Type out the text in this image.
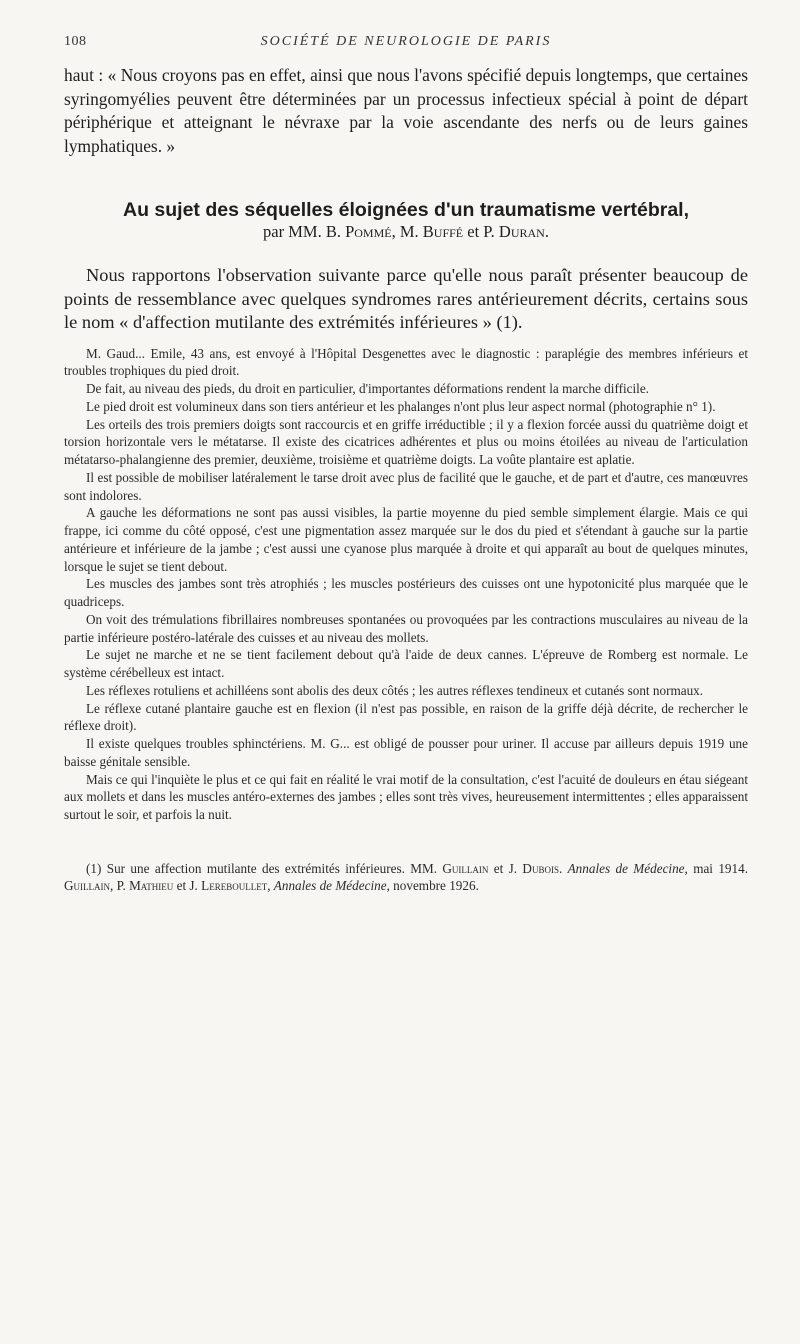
108	SOCIÉTÉ DE NEUROLOGIE DE PARIS

haut : « Nous croyons pas en effet, ainsi que nous l'avons spécifié depuis longtemps, que certaines syringomyélies peuvent être déterminées par un processus infectieux spécial à point de départ périphérique et atteignant le névraxe par la voie ascendante des nerfs ou de leurs gaines lymphatiques. »

Au sujet des séquelles éloignées d'un traumatisme vertébral,

par MM. B. Pommé, M. Buffé et P. Duran.

Nous rapportons l'observation suivante parce qu'elle nous paraît présenter beaucoup de points de ressemblance avec quelques syndromes rares antérieurement décrits, certains sous le nom « d'affection mutilante des extrémités inférieures » (1).

M. Gaud... Emile, 43 ans, est envoyé à l'Hôpital Desgenettes avec le diagnostic : paraplégie des membres inférieurs et troubles trophiques du pied droit.

De fait, au niveau des pieds, du droit en particulier, d'importantes déformations rendent la marche difficile.

Le pied droit est volumineux dans son tiers antérieur et les phalanges n'ont plus leur aspect normal (photographie n° 1).

Les orteils des trois premiers doigts sont raccourcis et en griffe irréductible ; il y a flexion forcée aussi du quatrième doigt et torsion horizontale vers le métatarse. Il existe des cicatrices adhérentes et plus ou moins étoilées au niveau de l'articulation métatarso-phalangienne des premier, deuxième, troisième et quatrième doigts. La voûte plantaire est aplatie.

Il est possible de mobiliser latéralement le tarse droit avec plus de facilité que le gauche, et de part et d'autre, ces manœuvres sont indolores.

A gauche les déformations ne sont pas aussi visibles, la partie moyenne du pied semble simplement élargie. Mais ce qui frappe, ici comme du côté opposé, c'est une pigmentation assez marquée sur le dos du pied et s'étendant à gauche sur la partie antérieure et inférieure de la jambe ; c'est aussi une cyanose plus marquée à droite et qui apparaît au bout de quelques minutes, lorsque le sujet se tient debout.

Les muscles des jambes sont très atrophiés ; les muscles postérieurs des cuisses ont une hypotonicité plus marquée que le quadriceps.

On voit des trémulations fibrillaires nombreuses spontanées ou provoquées par les contractions musculaires au niveau de la partie inférieure postéro-latérale des cuisses et au niveau des mollets.

Le sujet ne marche et ne se tient facilement debout qu'à l'aide de deux cannes. L'épreuve de Romberg est normale. Le système cérébelleux est intact.

Les réflexes rotuliens et achilléens sont abolis des deux côtés ; les autres réflexes tendineux et cutanés sont normaux.

Le réflexe cutané plantaire gauche est en flexion (il n'est pas possible, en raison de la griffe déjà décrite, de rechercher le réflexe droit).

Il existe quelques troubles sphinctériens. M. G... est obligé de pousser pour uriner. Il accuse par ailleurs depuis 1919 une baisse génitale sensible.

Mais ce qui l'inquiète le plus et ce qui fait en réalité le vrai motif de la consultation, c'est l'acuité de douleurs en étau siégeant aux mollets et dans les muscles antéro-externes des jambes ; elles sont très vives, heureusement intermittentes ; elles apparaissent surtout le soir, et parfois la nuit.

(1) Sur une affection mutilante des extrémités inférieures. MM. Guillain et J. Dubois. Annales de Médecine, mai 1914. Guillain, P. Mathieu et J. Lereboullet, Annales de Médecine, novembre 1926.
